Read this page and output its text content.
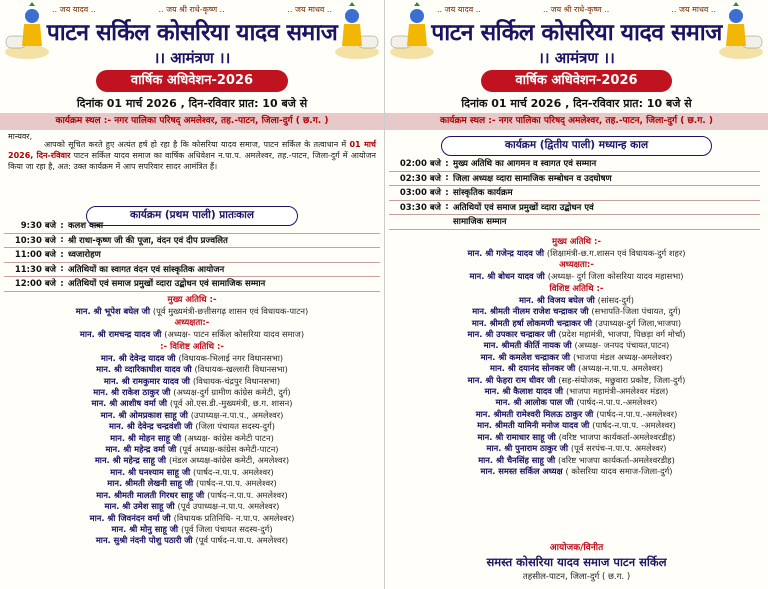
.. जय यादव ..	.. जय श्री राधे-कृष्ण ..	.. जय माधव ..
पाटन सर्किल कोसरिया यादव समाज
।। आमंत्रण ।।
वार्षिक अधिवेशन-2026
दिनांक 01 मार्च 2026 , दिन-रविवार प्रात: 10 बजे से
कार्यक्रम स्थल :- नगर पालिका परिषद् अमलेश्वर, तह.-पाटन, जिला-दुर्ग ( छ.ग. )
मान्यवर,
आपको सूचित करते हुए अत्यंत हर्ष हो रहा है कि कोसरिया यादव समाज, पाटन सर्किल के तत्वाधान में 01 मार्च 2026, दिन-रविवार पाटन सर्किल यादव समाज का वार्षिक अधिवेशन न.पा.प. अमलेश्वर, तह.-पाटन, जिला-दुर्ग में आयोजन किया जा रहा है, अत: उक्त कार्यक्रम में आप सपरिवार सादर आमंत्रित हैं।
कार्यक्रम (प्रथम पाली) प्रातःकाल
9:30 बजे : कलश यात्रा
10:30 बजे : श्री राधा-कृष्ण जी की पूजा, वंदन एवं दीप प्रज्वलित
11:00 बजे : ध्वजारोहण
11:30 बजे : अतिथियों का स्वागत वंदन एवं सांस्कृतिक आयोजन
12:00 बजे : अतिथियों एवं समाज प्रमुखों व्दारा उद्बोधन एवं सामाजिक सम्मान
मुख्य अतिथि :-
मान. श्री भूपेश बघेल जी (पूर्व मुख्यमंत्री-छत्तीसगढ़ शासन एवं विधायक-पाटन)
अध्यक्षता:-
मान. श्री रामचन्द्र यादव जी (अध्यक्ष- पाटन सर्किल कोसरिया यादव समाज)
:- विशिष्ट अतिथि :-
मान. श्री देवेन्द्र यादव जी (विधायक-भिलाई नगर विधानसभा)
मान. श्री व्दारिकाधीश यादव जी (विधायक-खल्लारी विधानसभा)
मान. श्री रामकुमार यादव जी (विधायक-चंद्रपुर विधानसभा)
मान. श्री राकेश ठाकुर जी (अध्यक्ष-दुर्ग ग्रामीण कांग्रेस कमेटी, दुर्ग)
मान. श्री आशीष वर्मा जी (पूर्व ओ.एस.डी.-मुख्यमंत्री, छ.ग. शासन)
मान. श्री ओमप्रकाश साहू जी (उपाध्यक्ष-न.पा.प., अमलेश्वर)
मान. श्री देवेन्द्र चन्द्रवंशी जी (जिला पंचायत सदस्य-दुर्ग)
मान. श्री मोहन साहू जी (अध्यक्ष- कांग्रेस कमेटी पाटन)
मान. श्री महेन्द्र वर्मा जी (पूर्व अध्यक्ष-कांग्रेस कमेटी-पाटन)
मान. श्री महेन्द्र साहू जी (मंडल अध्यक्ष-कांग्रेस कमेटी, अमलेश्वर)
मान. श्री घनश्याम साहू जी (पार्षद-न.पा.प. अमलेश्वर)
मान. श्रीमती लेखनी साहू जी (पार्षद-न.पा.प. अमलेश्वर)
मान. श्रीमती मालती गिरधर साहू जी (पार्षद-न.पा.प. अमलेश्वर)
मान. श्री उमेश साहू जी (पूर्व उपाध्यक्ष-न.पा.प. अमलेश्वर)
मान. श्री जिवनंदन वर्मा जी (विधायक प्रतिनिधि- न.पा.प. अमलेश्वर)
मान. श्री मोनु साहू जी (पूर्व जिला पंचायत सदस्य-दुर्ग)
मान. सुश्री नंदनी पोशु पठारी जी (पूर्व पार्षद-न.पा.प. अमलेश्वर)
.. जय यादव ..	.. जय श्री राधे-कृष्ण ..	.. जय माधव ..
पाटन सर्किल कोसरिया यादव समाज
।। आमंत्रण ।।
वार्षिक अधिवेशन-2026
दिनांक 01 मार्च 2026 , दिन-रविवार प्रात: 10 बजे से
कार्यक्रम स्थल :- नगर पालिका परिषद् अमलेश्वर, तह.-पाटन, जिला-दुर्ग ( छ.ग. )
कार्यक्रम (द्वितीय पाली) मध्यान्ह काल
02:00 बजे : मुख्य अतिथि का आगमन व स्वागत एवं सम्मान
02:30 बजे : जिला अध्यक्ष व्दारा सामाजिक सम्बोधन व उदघोषण
03:00 बजे : सांस्कृतिक कार्यक्रम
03:30 बजे : अतिथियों एवं समाज प्रमुखों व्दारा उद्बोधन एवं
सामाजिक सम्मान
मुख्य अतिथि :-
मान. श्री गजेन्द्र यादव जी (शिक्षामंत्री-छ.ग.शासन एवं विधायक-दुर्ग शहर)
अध्यक्षता:-
मान. श्री बोधन यादव जी (अध्यक्ष- दुर्ग जिला कोसरिया यादव महासभा)
विशिष्ट अतिथि :-
मान. श्री विजय बघेल जी (सांसद-दुर्ग)
मान. श्रीमती नीलम राजेश चन्द्राकर जी (सभापति-जिला पंचायत, दुर्ग)
मान. श्रीमती हर्षा लोकमणी चन्द्राकर जी (उपाध्यक्ष-दुर्ग जिला,भाजपा)
मान. श्री उपकार चन्द्राकर जी (प्रदेश महामंत्री, भाजपा, पिछड़ा वर्ग मोर्चा)
मान. श्रीमती कीर्ति नायक जी (अध्यक्ष- जनपद पंचायत,पाटन)
मान. श्री कमलेश चन्द्राकर जी (भाजपा मंडल अध्यक्ष-अमलेश्वर)
मान. श्री दयानंद सोनकर जी (अध्यक्ष-न.पा.प. अमलेश्वर)
मान. श्री फेहरा राम धीवर जी (सह-संयोजक, मछुवारा प्रकोष्ट, जिला-दुर्ग)
मान. श्री कैलाश यादव जी (भाजपा महामंत्री-अमलेश्वर मंडल)
मान. श्री आलोक पाल जी (पार्षद-न.पा.प.-अमलेश्वर)
मान. श्रीमती रामेश्वरी मिलऊ ठाकुर जी (पार्षद-न.पा.प.-अमलेश्वर)
मान. श्रीमती यामिनी मनोज यादव जी (पार्षद-न.पा.प. -अमलेश्वर)
मान. श्री रामाधार साहू जी (वरिष्ट भाजपा कार्यकर्ता-अमलेश्वरडीह)
मान. श्री पुनाराम ठाकुर जी (पूर्व सरपंच-न.पा.प. अमलेश्वर)
मान. श्री चैनसिंह साहू जी (वरिष्ट भाजपा कार्यकर्ता-अमलेश्वरडीह)
मान. समस्त सर्किल अध्यक्ष ( कोसरिया यादव समाज-जिला-दुर्ग)
आयोजक/विनीत
समस्त कोसरिया यादव समाज पाटन सर्किल
तहसील-पाटन, जिला-दुर्ग ( छ.ग. )
